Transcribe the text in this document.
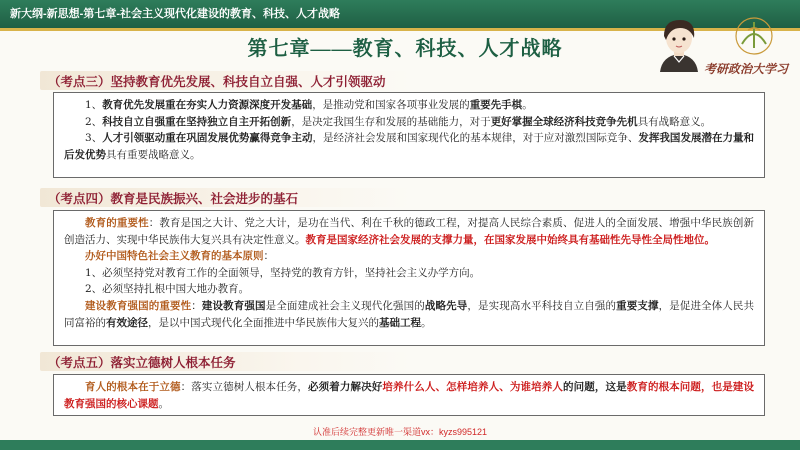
新大纲-新思想-第七章-社会主义现代化建设的教育、科技、人才战略
第七章——教育、科技、人才战略
考研政治大学习
（考点三）坚持教育优先发展、科技自立自强、人才引领驱动

1、教育优先发展重在夯实人力资源深度开发基础，是推动党和国家各项事业发展的重要先手棋。

2、科技自立自强重在坚持独立自主开拓创新，是决定我国生存和发展的基础能力，对于更好掌握全球经济科技竞争先机具有战略意义。

3、人才引领驱动重在巩固发展优势赢得竞争主动，是经济社会发展和国家现代化的基本规律，对于应对激烈国际竞争、发挥我国发展潜在力量和后发优势具有重要战略意义。

（考点四）教育是民族振兴、社会进步的基石

教育的重要性：教育是国之大计、党之大计，是功在当代、利在千秋的德政工程，对提高人民综合素质、促进人的全面发展、增强中华民族创新创造活力、实现中华民族伟大复兴具有决定性意义。教育是国家经济社会发展的支撑力量，在国家发展中始终具有基础性先导性全局性地位。

办好中国特色社会主义教育的基本原则：

1、必须坚持党对教育工作的全面领导，坚持党的教育方针，坚持社会主义办学方向。

2、必须坚持扎根中国大地办教育。

建设教育强国的重要性：建设教育强国是全面建成社会主义现代化强国的战略先导，是实现高水平科技自立自强的重要支撑，是促进全体人民共同富裕的有效途径，是以中国式现代化全面推进中华民族伟大复兴的基础工程。

（考点五）落实立德树人根本任务

育人的根本在于立德：落实立德树人根本任务，必须着力解决好培养什么人、怎样培养人、为谁培养人的问题，这是教育的根本问题，也是建设教育强国的核心课题。

认准后续完整更新唯一渠道vx：kyzs995121
